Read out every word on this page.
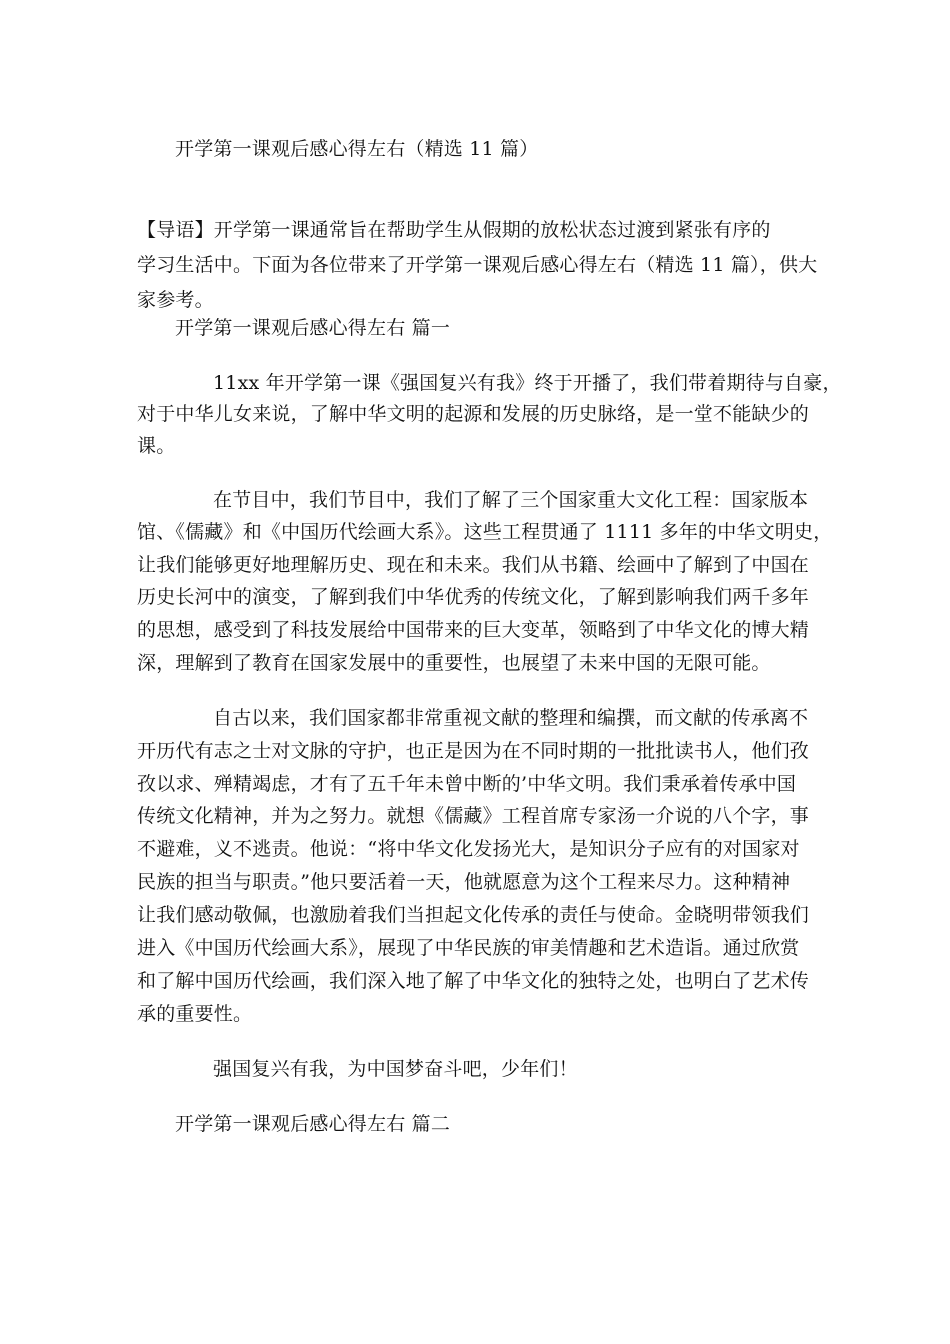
开学第一课观后感心得左右（精选 11 篇）
【导语】开学第一课通常旨在帮助学生从假期的放松状态过渡到紧张有序的
学习生活中。下面为各位带来了开学第一课观后感心得左右（精选 11 篇），供大
家参考。
开学第一课观后感心得左右 篇一
11xx 年开学第一课《强国复兴有我》终于开播了，我们带着期待与自豪，
对于中华儿女来说，了解中华文明的起源和发展的历史脉络，是一堂不能缺少的
课。
在节目中，我们节目中，我们了解了三个国家重大文化工程：国家版本
馆、《儒藏》和《中国历代绘画大系》。这些工程贯通了 1111 多年的中华文明史，
让我们能够更好地理解历史、现在和未来。我们从书籍、绘画中了解到了中国在
历史长河中的演变，了解到我们中华优秀的传统文化，了解到影响我们两千多年
的思想，感受到了科技发展给中国带来的巨大变革，领略到了中华文化的博大精
深，理解到了教育在国家发展中的重要性，也展望了未来中国的无限可能。
自古以来，我们国家都非常重视文献的整理和编撰，而文献的传承离不
开历代有志之士对文脉的守护，也正是因为在不同时期的一批批读书人，他们孜
孜以求、殚精竭虑，才有了五千年未曾中断的’中华文明。我们秉承着传承中国
传统文化精神，并为之努力。就想《儒藏》工程首席专家汤一介说的八个字，事
不避难，义不逃责。他说：“将中华文化发扬光大，是知识分子应有的对国家对
民族的担当与职责。”他只要活着一天，他就愿意为这个工程来尽力。这种精神
让我们感动敬佩，也激励着我们当担起文化传承的责任与使命。金晓明带领我们
进入《中国历代绘画大系》，展现了中华民族的审美情趣和艺术造诣。通过欣赏
和了解中国历代绘画，我们深入地了解了中华文化的独特之处，也明白了艺术传
承的重要性。
强国复兴有我，为中国梦奋斗吧，少年们！
开学第一课观后感心得左右 篇二
